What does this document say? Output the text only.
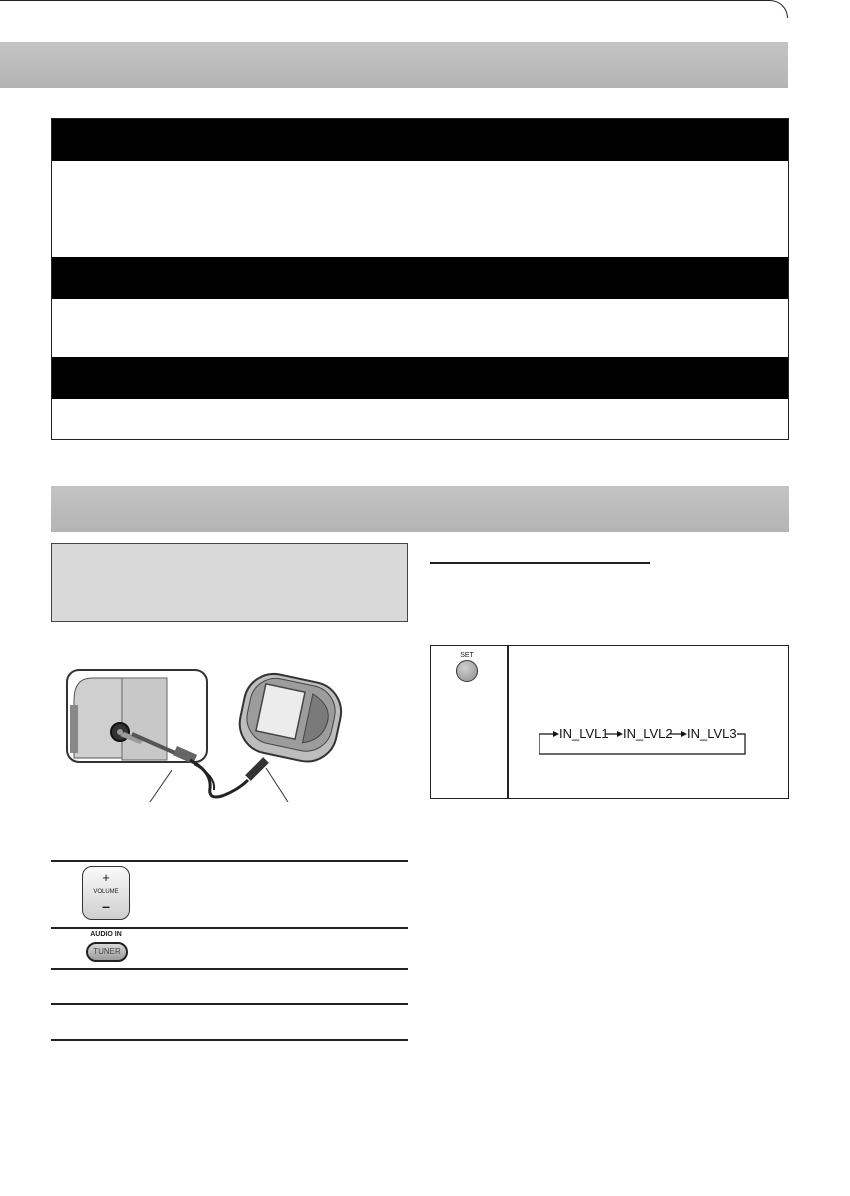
+
VOLUME
–
AUDIO IN
TUNER
SET
IN_LVL1 IN_LVL2 IN_LVL3
